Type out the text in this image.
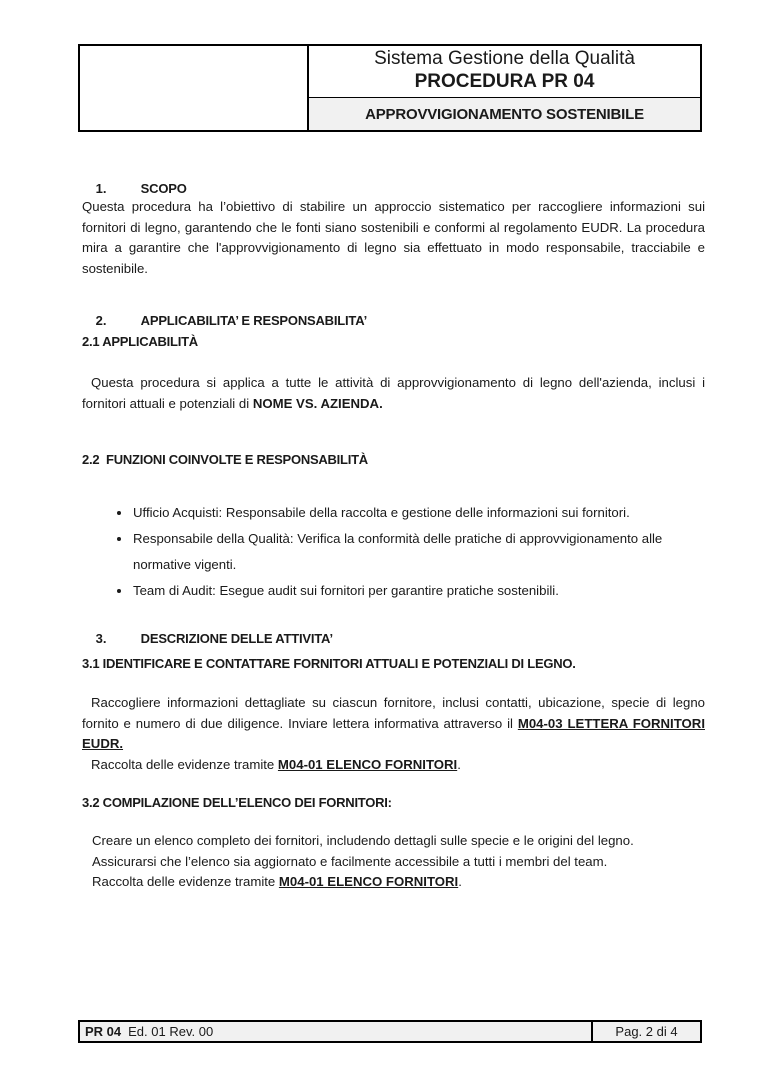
Sistema Gestione della Qualità
PROCEDURA PR 04
APPROVVIGIONAMENTO SOSTENIBILE

1.	SCOPO

Questa procedura ha l’obiettivo di stabilire un approccio sistematico per raccogliere informazioni sui fornitori di legno, garantendo che le fonti siano sostenibili e conformi al regolamento EUDR. La procedura mira a garantire che l'approvvigionamento di legno sia effettuato in modo responsabile, tracciabile e sostenibile.

2.	APPLICABILITA’ E RESPONSABILITA’

2.1 APPLICABILITÀ
Questa procedura si applica a tutte le attività di approvvigionamento di legno dell'azienda, inclusi i fornitori attuali e potenziali di NOME VS. AZIENDA.
2.2  FUNZIONI COINVOLTE E RESPONSABILITÀ
• Ufficio Acquisti: Responsabile della raccolta e gestione delle informazioni sui fornitori.
• Responsabile della Qualità: Verifica la conformità delle pratiche di approvvigionamento alle normative vigenti.
• Team di Audit: Esegue audit sui fornitori per garantire pratiche sostenibili.

3.	DESCRIZIONE DELLE ATTIVITA’

3.1 IDENTIFICARE E CONTATTARE FORNITORI ATTUALI E POTENZIALI DI LEGNO.
Raccogliere informazioni dettagliate su ciascun fornitore, inclusi contatti, ubicazione, specie di legno fornito e numero di due diligence. Inviare lettera informativa attraverso il M04-03 LETTERA FORNITORI EUDR.
Raccolta delle evidenze tramite M04-01 ELENCO FORNITORI.
3.2 COMPILAZIONE DELL’ELENCO DEI FORNITORI:
Creare un elenco completo dei fornitori, includendo dettagli sulle specie e le origini del legno.
Assicurarsi che l’elenco sia aggiornato e facilmente accessibile a tutti i membri del team.
Raccolta delle evidenze tramite M04-01 ELENCO FORNITORI.
PR 04 Ed. 01 Rev. 00	Pag. 2 di 4
